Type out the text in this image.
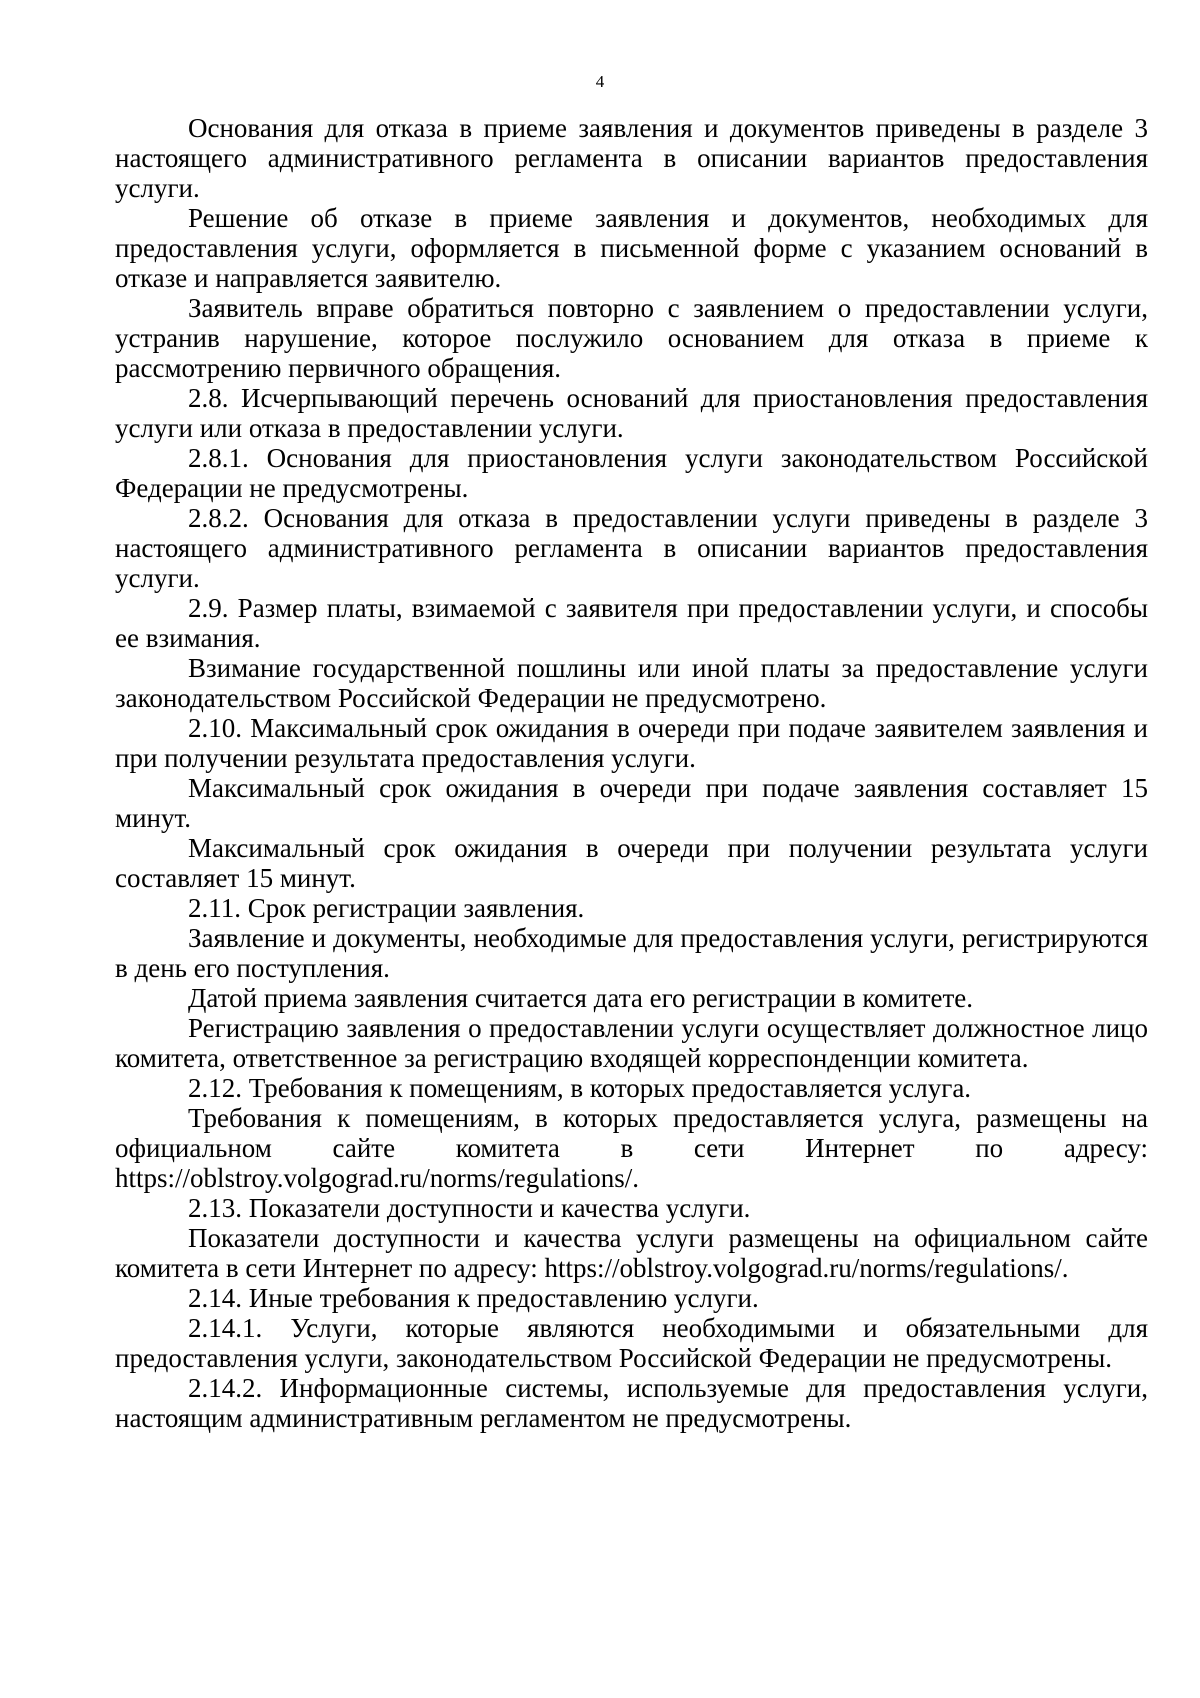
4

Основания для отказа в приеме заявления и документов приведены в разделе 3 настоящего административного регламента в описании вариантов предоставления услуги.

Решение об отказе в приеме заявления и документов, необходимых для предоставления услуги, оформляется в письменной форме с указанием оснований в отказе и направляется заявителю.

Заявитель вправе обратиться повторно с заявлением о предоставлении услуги, устранив нарушение, которое послужило основанием для отказа в приеме к рассмотрению первичного обращения.

2.8. Исчерпывающий перечень оснований для приостановления предоставления услуги или отказа в предоставлении услуги.

2.8.1. Основания для приостановления услуги законодательством Российской Федерации не предусмотрены.

2.8.2. Основания для отказа в предоставлении услуги приведены в разделе 3 настоящего административного регламента в описании вариантов предоставления услуги.

2.9. Размер платы, взимаемой с заявителя при предоставлении услуги, и способы ее взимания.

Взимание государственной пошлины или иной платы за предоставление услуги законодательством Российской Федерации не предусмотрено.

2.10. Максимальный срок ожидания в очереди при подаче заявителем заявления и при получении результата предоставления услуги.

Максимальный срок ожидания в очереди при подаче заявления составляет 15 минут.

Максимальный срок ожидания в очереди при получении результата услуги составляет 15 минут.

2.11. Срок регистрации заявления.

Заявление и документы, необходимые для предоставления услуги, регистрируются в день его поступления.

Датой приема заявления считается дата его регистрации в комитете.

Регистрацию заявления о предоставлении услуги осуществляет должностное лицо комитета, ответственное за регистрацию входящей корреспонденции комитета.

2.12. Требования к помещениям, в которых предоставляется услуга.

Требования к помещениям, в которых предоставляется услуга, размещены на официальном сайте комитета в сети Интернет по адресу: https://oblstroy.volgograd.ru/norms/regulations/.

2.13. Показатели доступности и качества услуги.

Показатели доступности и качества услуги размещены на официальном сайте комитета в сети Интернет по адресу: https://oblstroy.volgograd.ru/norms/regulations/.

2.14. Иные требования к предоставлению услуги.

2.14.1. Услуги, которые являются необходимыми и обязательными для предоставления услуги, законодательством Российской Федерации не предусмотрены.

2.14.2. Информационные системы, используемые для предоставления услуги, настоящим административным регламентом не предусмотрены.
